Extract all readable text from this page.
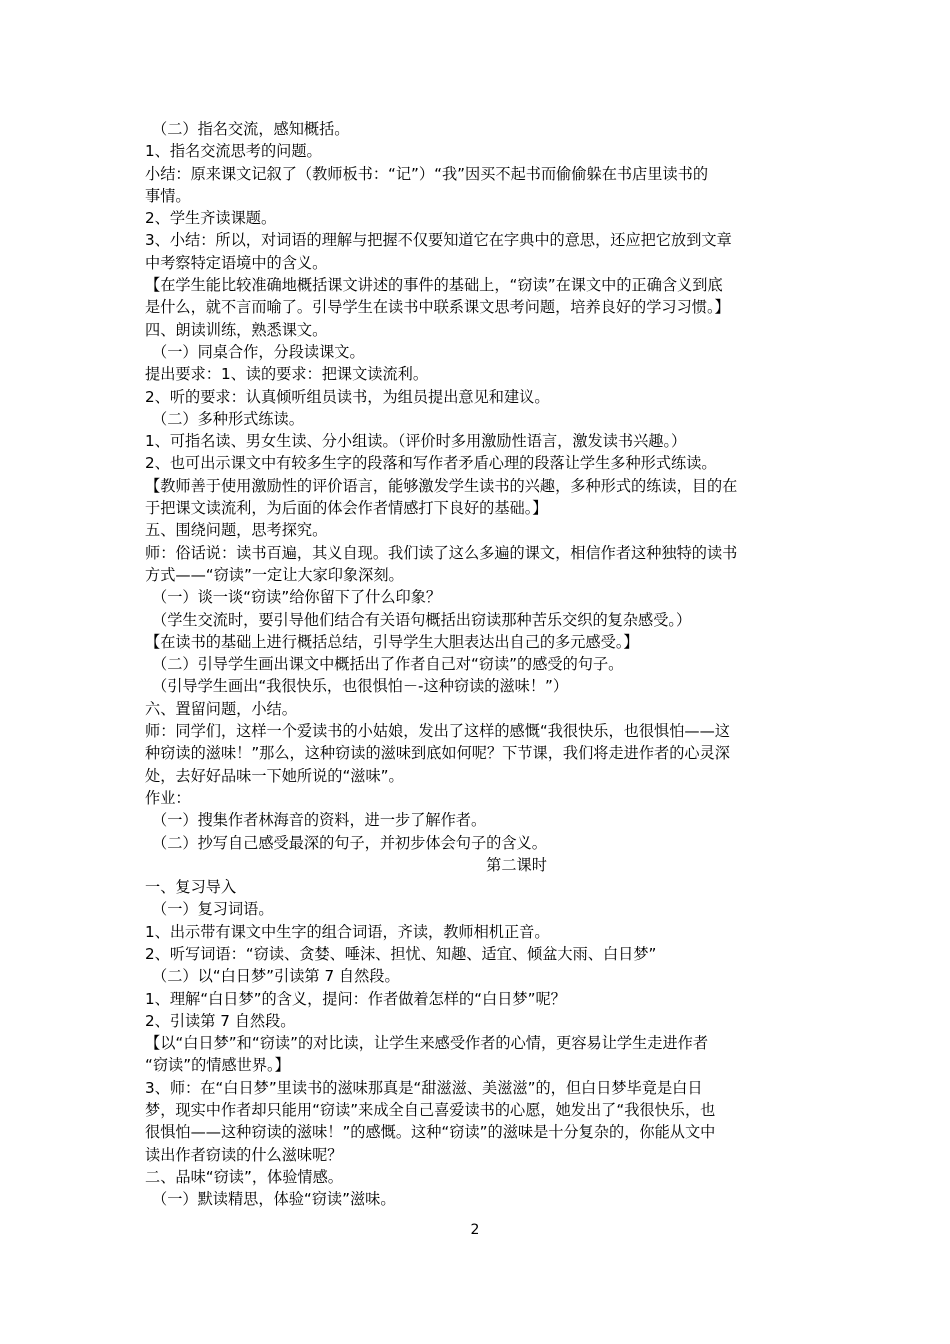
（二）指名交流，感知概括。

1、指名交流思考的问题。

小结：原来课文记叙了（教师板书：“记”）“我”因买不起书而偷偷躲在书店里读书的

事情。

2、学生齐读课题。

3、小结：所以，对词语的理解与把握不仅要知道它在字典中的意思，还应把它放到文章

中考察特定语境中的含义。

【在学生能比较准确地概括课文讲述的事件的基础上，“窃读”在课文中的正确含义到底

是什么，就不言而喻了。引导学生在读书中联系课文思考问题，培养良好的学习习惯。】

四、朗读训练，熟悉课文。

（一）同桌合作，分段读课文。

提出要求：1、读的要求：把课文读流利。

2、听的要求：认真倾听组员读书，为组员提出意见和建议。

（二）多种形式练读。

1、可指名读、男女生读、分小组读。（评价时多用激励性语言，激发读书兴趣。）

2、也可出示课文中有较多生字的段落和写作者矛盾心理的段落让学生多种形式练读。

【教师善于使用激励性的评价语言，能够激发学生读书的兴趣，多种形式的练读，目的在

于把课文读流利，为后面的体会作者情感打下良好的基础。】

五、围绕问题，思考探究。

师：俗话说：读书百遍，其义自现。我们读了这么多遍的课文，相信作者这种独特的读书

方式——“窃读”一定让大家印象深刻。

（一）谈一谈“窃读”给你留下了什么印象？

（学生交流时，要引导他们结合有关语句概括出窃读那种苦乐交织的复杂感受。）

【在读书的基础上进行概括总结，引导学生大胆表达出自己的多元感受。】

（二）引导学生画出课文中概括出了作者自己对“窃读”的感受的句子。

（引导学生画出“我很快乐，也很惧怕－-这种窃读的滋味！”）

六、置留问题，小结。

师：同学们，这样一个爱读书的小姑娘，发出了这样的感慨“我很快乐，也很惧怕——这

种窃读的滋味！”那么，这种窃读的滋味到底如何呢？下节课，我们将走进作者的心灵深

处，去好好品味一下她所说的“滋味”。

作业：

（一）搜集作者林海音的资料，进一步了解作者。

（二）抄写自己感受最深的句子，并初步体会句子的含义。

第二课时

一、复习导入

（一）复习词语。

1、出示带有课文中生字的组合词语，齐读，教师相机正音。

2、听写词语：“窃读、贪婪、唾沫、担忧、知趣、适宜、倾盆大雨、白日梦”

（二）以“白日梦”引读第 7 自然段。

1、理解“白日梦”的含义，提问：作者做着怎样的“白日梦”呢？

2、引读第 7 自然段。

【以“白日梦”和“窃读”的对比读，让学生来感受作者的心情，更容易让学生走进作者

“窃读”的情感世界。】

3、师：在“白日梦”里读书的滋味那真是“甜滋滋、美滋滋”的，但白日梦毕竟是白日

梦，现实中作者却只能用“窃读”来成全自己喜爱读书的心愿，她发出了“我很快乐，也

很惧怕——这种窃读的滋味！”的感慨。这种“窃读”的滋味是十分复杂的，你能从文中

读出作者窃读的什么滋味呢？

二、品味“窃读”，体验情感。

（一）默读精思，体验“窃读”滋味。

2
